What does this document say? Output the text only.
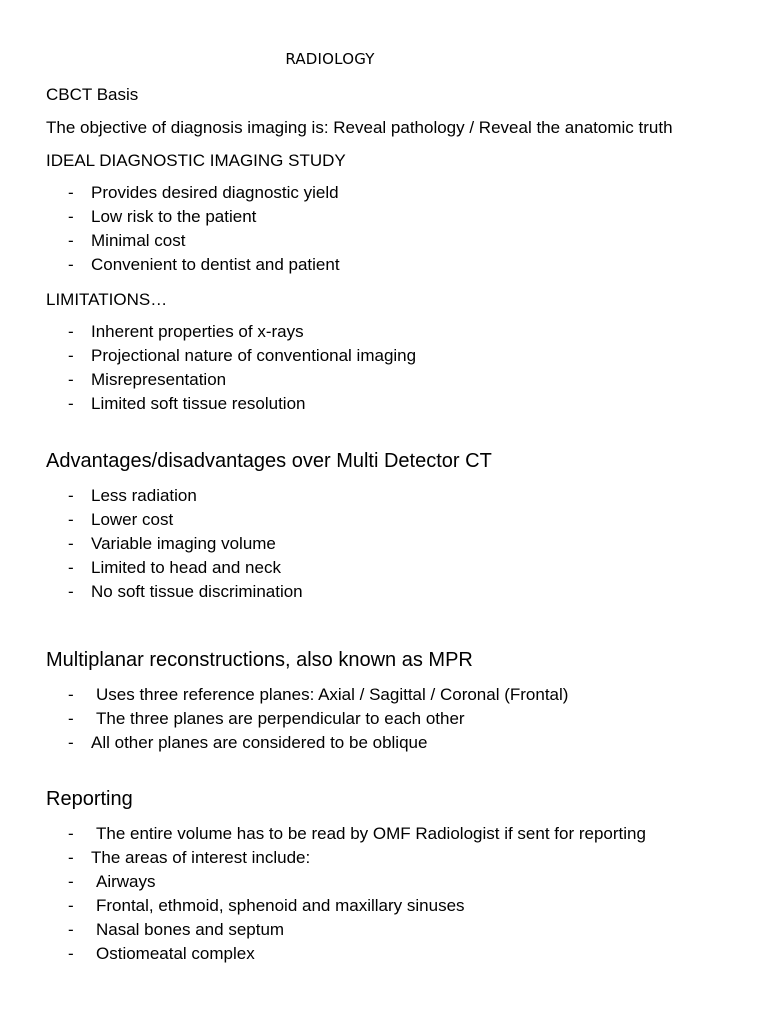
RADIOLOGY
CBCT Basis
The objective of diagnosis imaging is: Reveal pathology / Reveal the anatomic truth
IDEAL DIAGNOSTIC IMAGING STUDY
- Provides desired diagnostic yield
- Low risk to the patient
- Minimal cost
- Convenient to dentist and patient
LIMITATIONS…
- Inherent properties of x-rays
- Projectional nature of conventional imaging
- Misrepresentation
- Limited soft tissue resolution
Advantages/disadvantages over Multi Detector CT
- Less radiation
- Lower cost
- Variable imaging volume
- Limited to head and neck
- No soft tissue discrimination
Multiplanar reconstructions, also known as MPR
- Uses three reference planes: Axial / Sagittal / Coronal (Frontal)
- The three planes are perpendicular to each other
- All other planes are considered to be oblique
Reporting
- The entire volume has to be read by OMF Radiologist if sent for reporting
- The areas of interest include:
- Airways
- Frontal, ethmoid, sphenoid and maxillary sinuses
- Nasal bones and septum
- Ostiomeatal complex
